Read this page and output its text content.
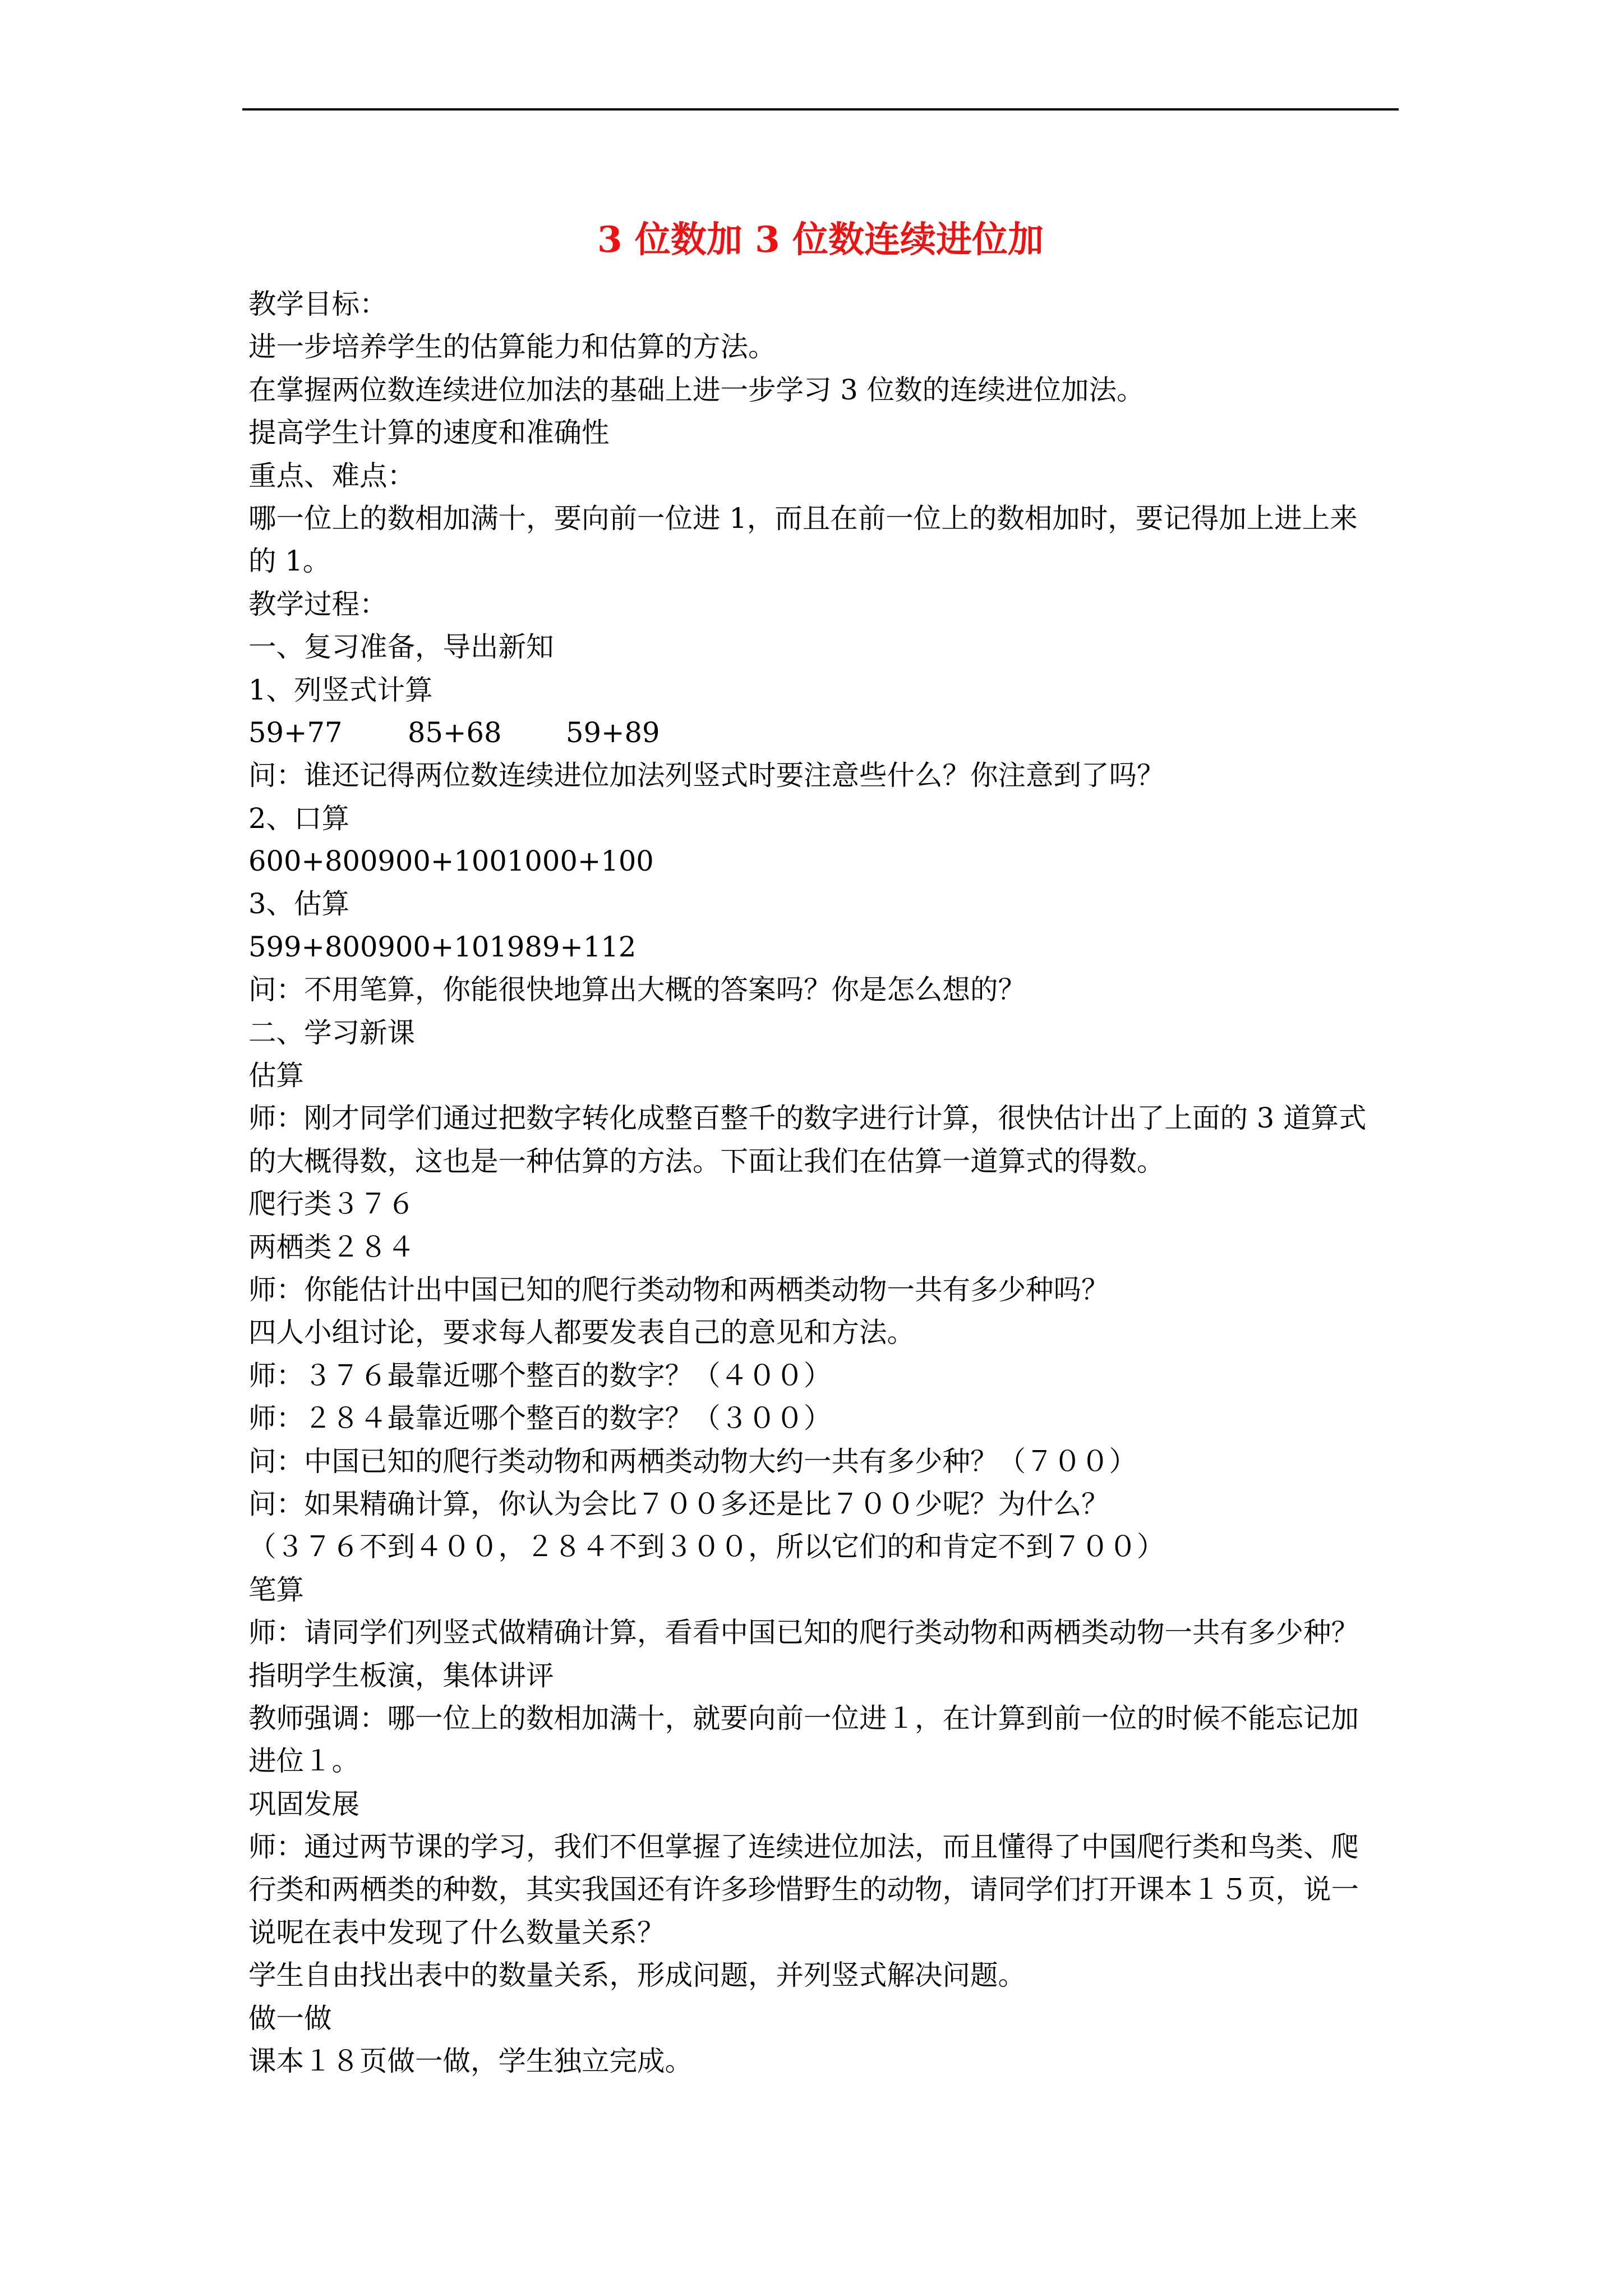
3 位数加 3 位数连续进位加
教学目标：
进一步培养学生的估算能力和估算的方法。
在掌握两位数连续进位加法的基础上进一步学习 3 位数的连续进位加法。
提高学生计算的速度和准确性
重点、难点：
哪一位上的数相加满十，要向前一位进 1，而且在前一位上的数相加时，要记得加上进上来
的 1。
教学过程：
一、复习准备，导出新知
1、列竖式计算
59+77 85+68 59+89
问：谁还记得两位数连续进位加法列竖式时要注意些什么？你注意到了吗？
2、口算
600+800900+1001000+100
3、估算
599+800900+101989+112
问：不用笔算，你能很快地算出大概的答案吗？你是怎么想的？
二、学习新课
估算
师：刚才同学们通过把数字转化成整百整千的数字进行计算，很快估计出了上面的 3 道算式
的大概得数，这也是一种估算的方法。下面让我们在估算一道算式的得数。
爬行类３７６
两栖类２８４
师：你能估计出中国已知的爬行类动物和两栖类动物一共有多少种吗？
四人小组讨论，要求每人都要发表自己的意见和方法。
师：３７６最靠近哪个整百的数字？（４００）
师：２８４最靠近哪个整百的数字？（３００）
问：中国已知的爬行类动物和两栖类动物大约一共有多少种？（７００）
问：如果精确计算，你认为会比７００多还是比７００少呢？为什么？
（３７６不到４００，２８４不到３００，所以它们的和肯定不到７００）
笔算
师：请同学们列竖式做精确计算，看看中国已知的爬行类动物和两栖类动物一共有多少种？
指明学生板演，集体讲评
教师强调：哪一位上的数相加满十，就要向前一位进１，在计算到前一位的时候不能忘记加
进位１。
巩固发展
师：通过两节课的学习，我们不但掌握了连续进位加法，而且懂得了中国爬行类和鸟类、爬
行类和两栖类的种数，其实我国还有许多珍惜野生的动物，请同学们打开课本１５页，说一
说呢在表中发现了什么数量关系？
学生自由找出表中的数量关系，形成问题，并列竖式解决问题。
做一做
课本１８页做一做，学生独立完成。
